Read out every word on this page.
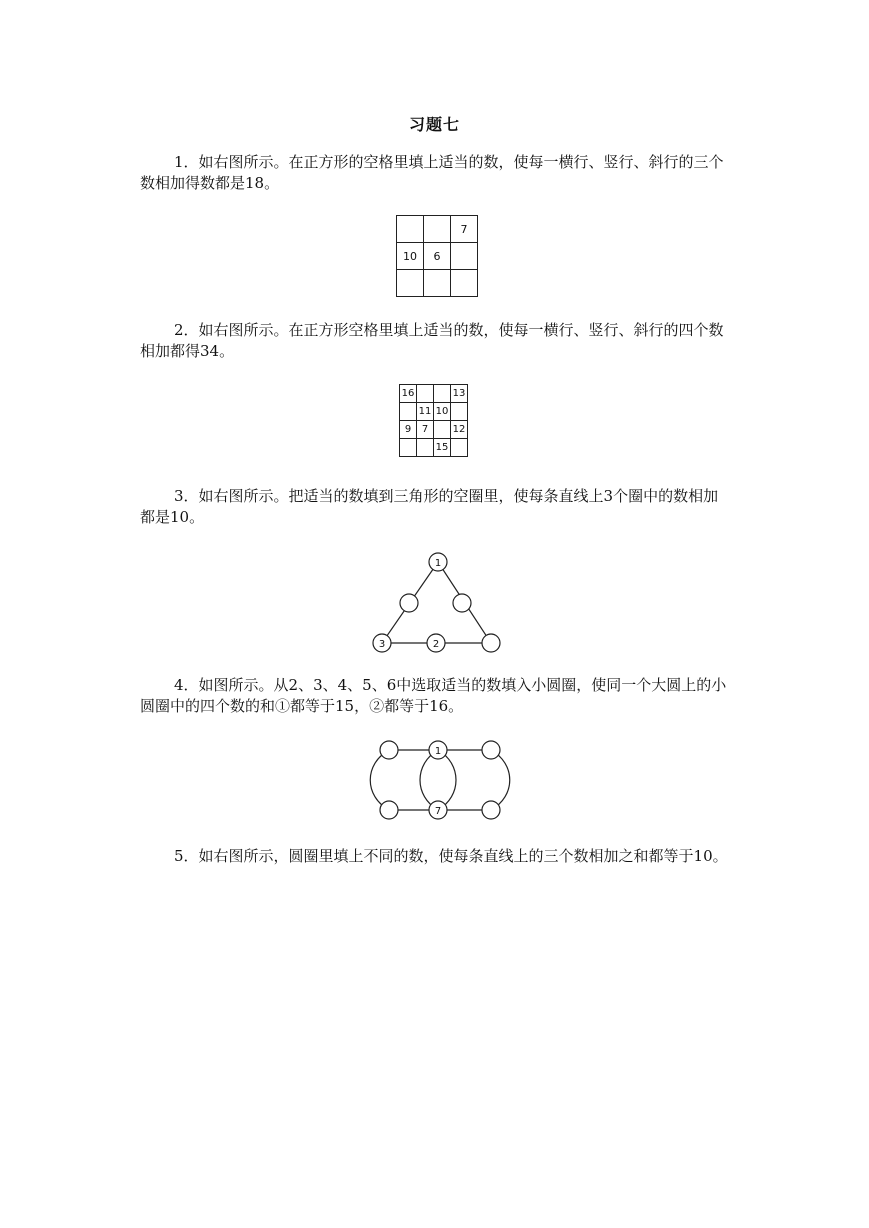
习题七

1．如右图所示。在正方形的空格里填上适当的数，使每一横行、竖行、斜行的三个数相加得数都是18。

		7
10	6	

2．如右图所示。在正方形空格里填上适当的数，使每一横行、竖行、斜行的四个数相加都得34。

16			13
	11	10	
9	7		12
		15	

3．如右图所示。把适当的数填到三角形的空圈里，使每条直线上3个圈中的数相加都是10。

1
3	2

4．如图所示。从2、3、4、5、6中选取适当的数填入小圆圈，使同一个大圆上的小圆圈中的四个数的和①都等于15，②都等于16。

1
7

5．如右图所示，圆圈里填上不同的数，使每条直线上的三个数相加之和都等于10。
